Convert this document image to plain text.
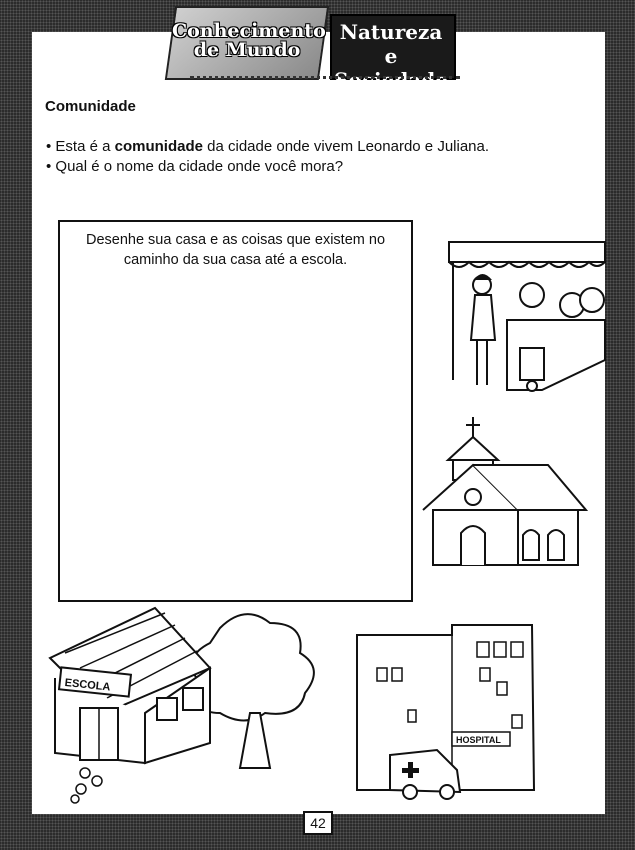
Conhecimento
de Mundo
Natureza e
Sociedade
Comunidade
• Esta é a comunidade da cidade onde vivem Leonardo e Juliana.
• Qual é o nome da cidade onde você mora?
Desenhe sua casa e as coisas que existem no caminho da sua casa até a escola.
ESCOLA
HOSPITAL
42
